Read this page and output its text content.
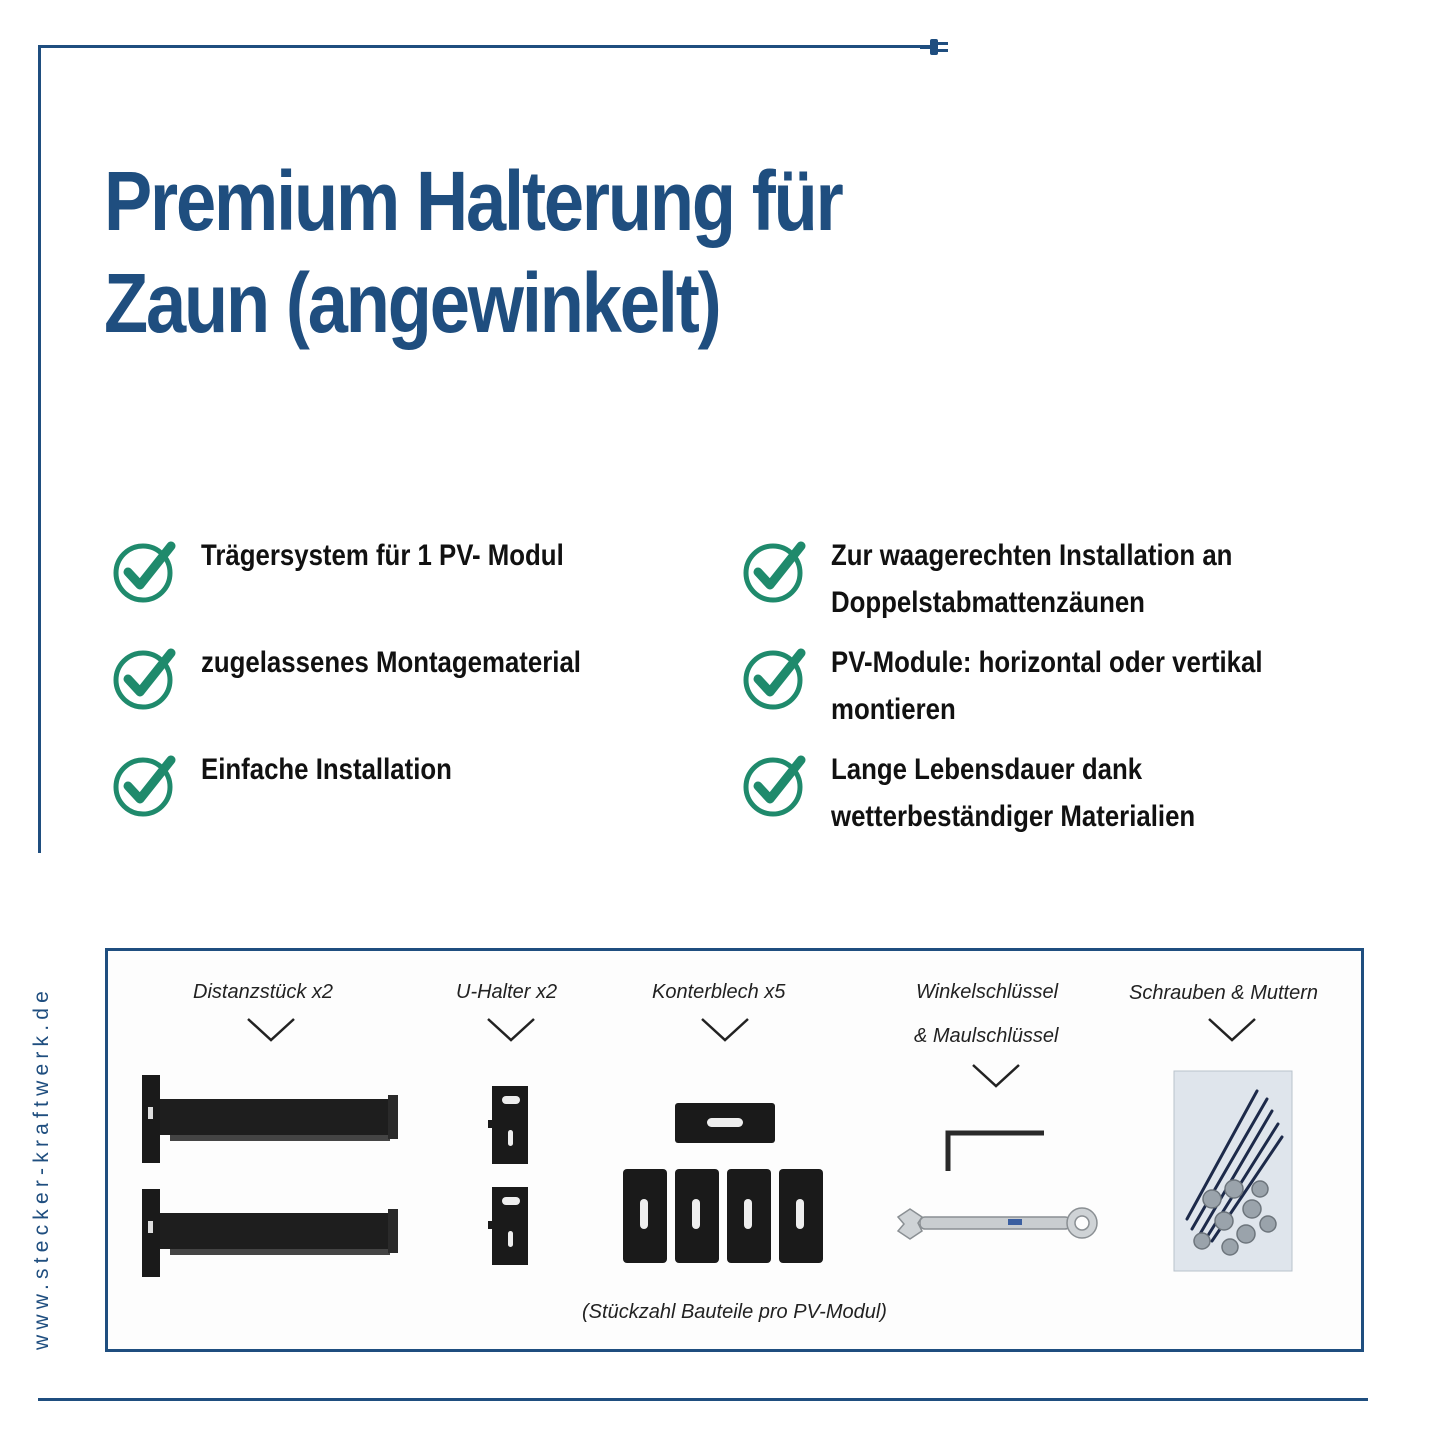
Premium Halterung für
Zaun (angewinkelt)
Trägersystem für 1 PV- Modul
zugelassenes Montagematerial
Einfache Installation
Zur waagerechten Installation an
Doppelstabmattenzäunen
PV-Module: horizontal oder vertikal
montieren
Lange Lebensdauer dank
wetterbeständiger Materialien
www.stecker-kraftwerk.de	Distanzstück x2	U-Halter x2	Konterblech x5	Winkelschlüssel
& Maulschlüssel
Schrauben & Muttern
(Stückzahl Bauteile pro PV-Modul)
